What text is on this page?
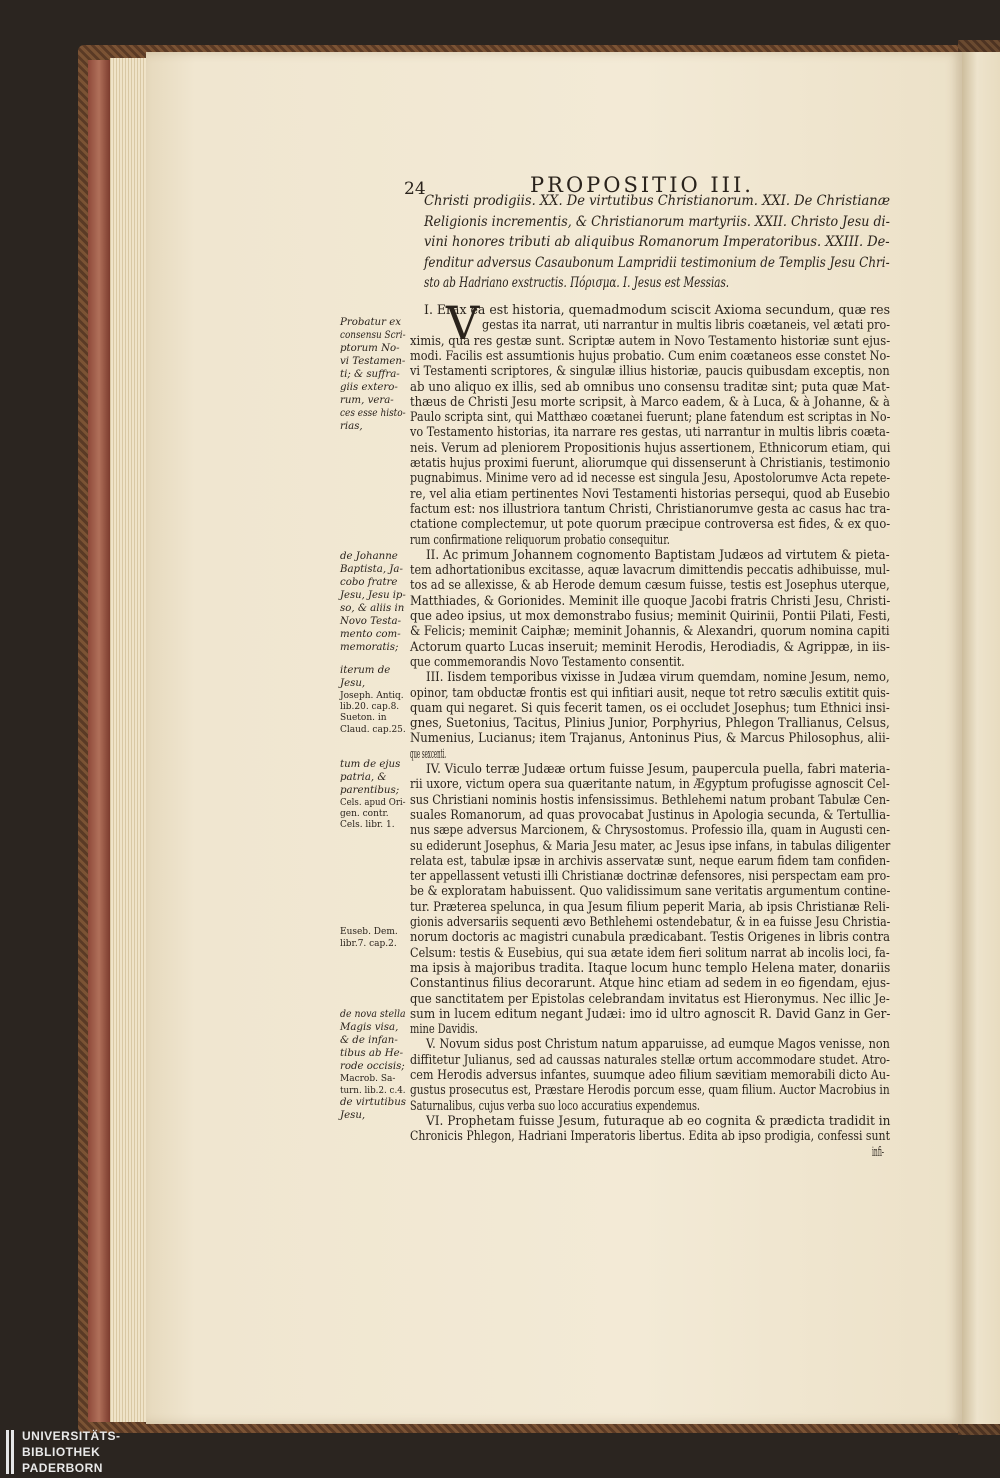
24	PROPOSITIO III.
Christi prodigiis. XX. De virtutibus Christianorum. XXI. De Christianæ
Religionis incrementis, & Christianorum martyriis. XXII. Christo Jesu di-
vini honores tributi ab aliquibus Romanorum Imperatoribus. XXIII. De-
fenditur adversus Casaubonum Lampridii testimonium de Templis Jesu Chri-
sto ab Hadriano exstructis. Πόρισμα. I. Jesus est Messias.
V
I. Erax ea est historia, quemadmodum sciscit Axioma secundum, quæ res
gestas ita narrat, uti narrantur in multis libris coætaneis, vel ætati pro-
ximis, qua res gestæ sunt. Scriptæ autem in Novo Testamento historiæ sunt ejus-
modi. Facilis est assumtionis hujus probatio. Cum enim coætaneos esse constet No-
vi Testamenti scriptores, & singulæ illius historiæ, paucis quibusdam exceptis, non
ab uno aliquo ex illis, sed ab omnibus uno consensu traditæ sint; puta quæ Mat-
thæus de Christi Jesu morte scripsit, à Marco eadem, & à Luca, & à Johanne, & à
Paulo scripta sint, qui Matthæo coætanei fuerunt; plane fatendum est scriptas in No-
vo Testamento historias, ita narrare res gestas, uti narrantur in multis libris coæta-
neis. Verum ad pleniorem Propositionis hujus assertionem, Ethnicorum etiam, qui
ætatis hujus proximi fuerunt, aliorumque qui dissenserunt à Christianis, testimonio
pugnabimus. Minime vero ad id necesse est singula Jesu, Apostolorumve Acta repete-
re, vel alia etiam pertinentes Novi Testamenti historias persequi, quod ab Eusebio
factum est: nos illustriora tantum Christi, Christianorumve gesta ac casus hac tra-
ctatione complectemur, ut pote quorum præcipue controversa est fides, & ex quo-
rum confirmatione reliquorum probatio consequitur.
II. Ac primum Johannem cognomento Baptistam Judæos ad virtutem & pieta-
tem adhortationibus excitasse, aquæ lavacrum dimittendis peccatis adhibuisse, mul-
tos ad se allexisse, & ab Herode demum cæsum fuisse, testis est Josephus uterque,
Matthiades, & Gorionides. Meminit ille quoque Jacobi fratris Christi Jesu, Christi-
que adeo ipsius, ut mox demonstrabo fusius; meminit Quirinii, Pontii Pilati, Festi,
& Felicis; meminit Caiphæ; meminit Johannis, & Alexandri, quorum nomina capiti
Actorum quarto Lucas inseruit; meminit Herodis, Herodiadis, & Agrippæ, in iis-
que commemorandis Novo Testamento consentit.
III. Iisdem temporibus vixisse in Judæa virum quemdam, nomine Jesum, nemo,
opinor, tam obductæ frontis est qui infitiari ausit, neque tot retro sæculis extitit quis-
quam qui negaret. Si quis fecerit tamen, os ei occludet Josephus; tum Ethnici insi-
gnes, Suetonius, Tacitus, Plinius Junior, Porphyrius, Phlegon Trallianus, Celsus,
Numenius, Lucianus; item Trajanus, Antoninus Pius, & Marcus Philosophus, alii-
que sexcenti.
IV. Viculo terræ Judææ ortum fuisse Jesum, paupercula puella, fabri materia-
rii uxore, victum opera sua quæritante natum, in Ægyptum profugisse agnoscit Cel-
sus Christiani nominis hostis infensissimus. Bethlehemi natum probant Tabulæ Cen-
suales Romanorum, ad quas provocabat Justinus in Apologia secunda, & Tertullia-
nus sæpe adversus Marcionem, & Chrysostomus. Professio illa, quam in Augusti cen-
su ediderunt Josephus, & Maria Jesu mater, ac Jesus ipse infans, in tabulas diligenter
relata est, tabulæ ipsæ in archivis asservatæ sunt, neque earum fidem tam confiden-
ter appellassent vetusti illi Christianæ doctrinæ defensores, nisi perspectam eam pro-
be & exploratam habuissent. Quo validissimum sane veritatis argumentum contine-
tur. Præterea spelunca, in qua Jesum filium peperit Maria, ab ipsis Christianæ Reli-
gionis adversariis sequenti ævo Bethlehemi ostendebatur, & in ea fuisse Jesu Christia-
norum doctoris ac magistri cunabula prædicabant. Testis Origenes in libris contra
Celsum: testis & Eusebius, qui sua ætate idem fieri solitum narrat ab incolis loci, fa-
ma ipsis à majoribus tradita. Itaque locum hunc templo Helena mater, donariis
Constantinus filius decorarunt. Atque hinc etiam ad sedem in eo figendam, ejus-
que sanctitatem per Epistolas celebrandam invitatus est Hieronymus. Nec illic Je-
sum in lucem editum negant Judæi: imo id ultro agnoscit R. David Ganz in Ger-
mine Davidis.
V. Novum sidus post Christum natum apparuisse, ad eumque Magos venisse, non
diffitetur Julianus, sed ad caussas naturales stellæ ortum accommodare studet. Atro-
cem Herodis adversus infantes, suumque adeo filium sævitiam memorabili dicto Au-
gustus prosecutus est, Præstare Herodis porcum esse, quam filium. Auctor Macrobius in
Saturnalibus, cujus verba suo loco accuratius expendemus.
VI. Prophetam fuisse Jesum, futuraque ab eo cognita & prædicta tradidit in
Chronicis Phlegon, Hadriani Imperatoris libertus. Edita ab ipso prodigia, confessi sunt
infi-
Probatur ex
consensu Scri-
ptorum No-
vi Testamen-
ti; & suffra-
giis extero-
rum, vera-
ces esse histo-
rias,
de Johanne
Baptista, Ja-
cobo fratre
Jesu, Jesu ip-
so, & aliis in
Novo Testa-
mento com-
memoratis;
iterum de
Jesu,
Joseph. Antiq.
lib.20. cap.8.
Sueton. in
Claud. cap.25.
tum de ejus
patria, &
parentibus;
Cels. apud Ori-
gen. contr.
Cels. libr. 1.
Euseb. Dem.
libr.7. cap.2.
de nova stella
Magis visa,
& de infan-
tibus ab He-
rode occisis;
Macrob. Sa-
turn. lib.2. c.4.
de virtutibus
Jesu,
UNIVERSITÄTS-
BIBLIOTHEK
PADERBORN
